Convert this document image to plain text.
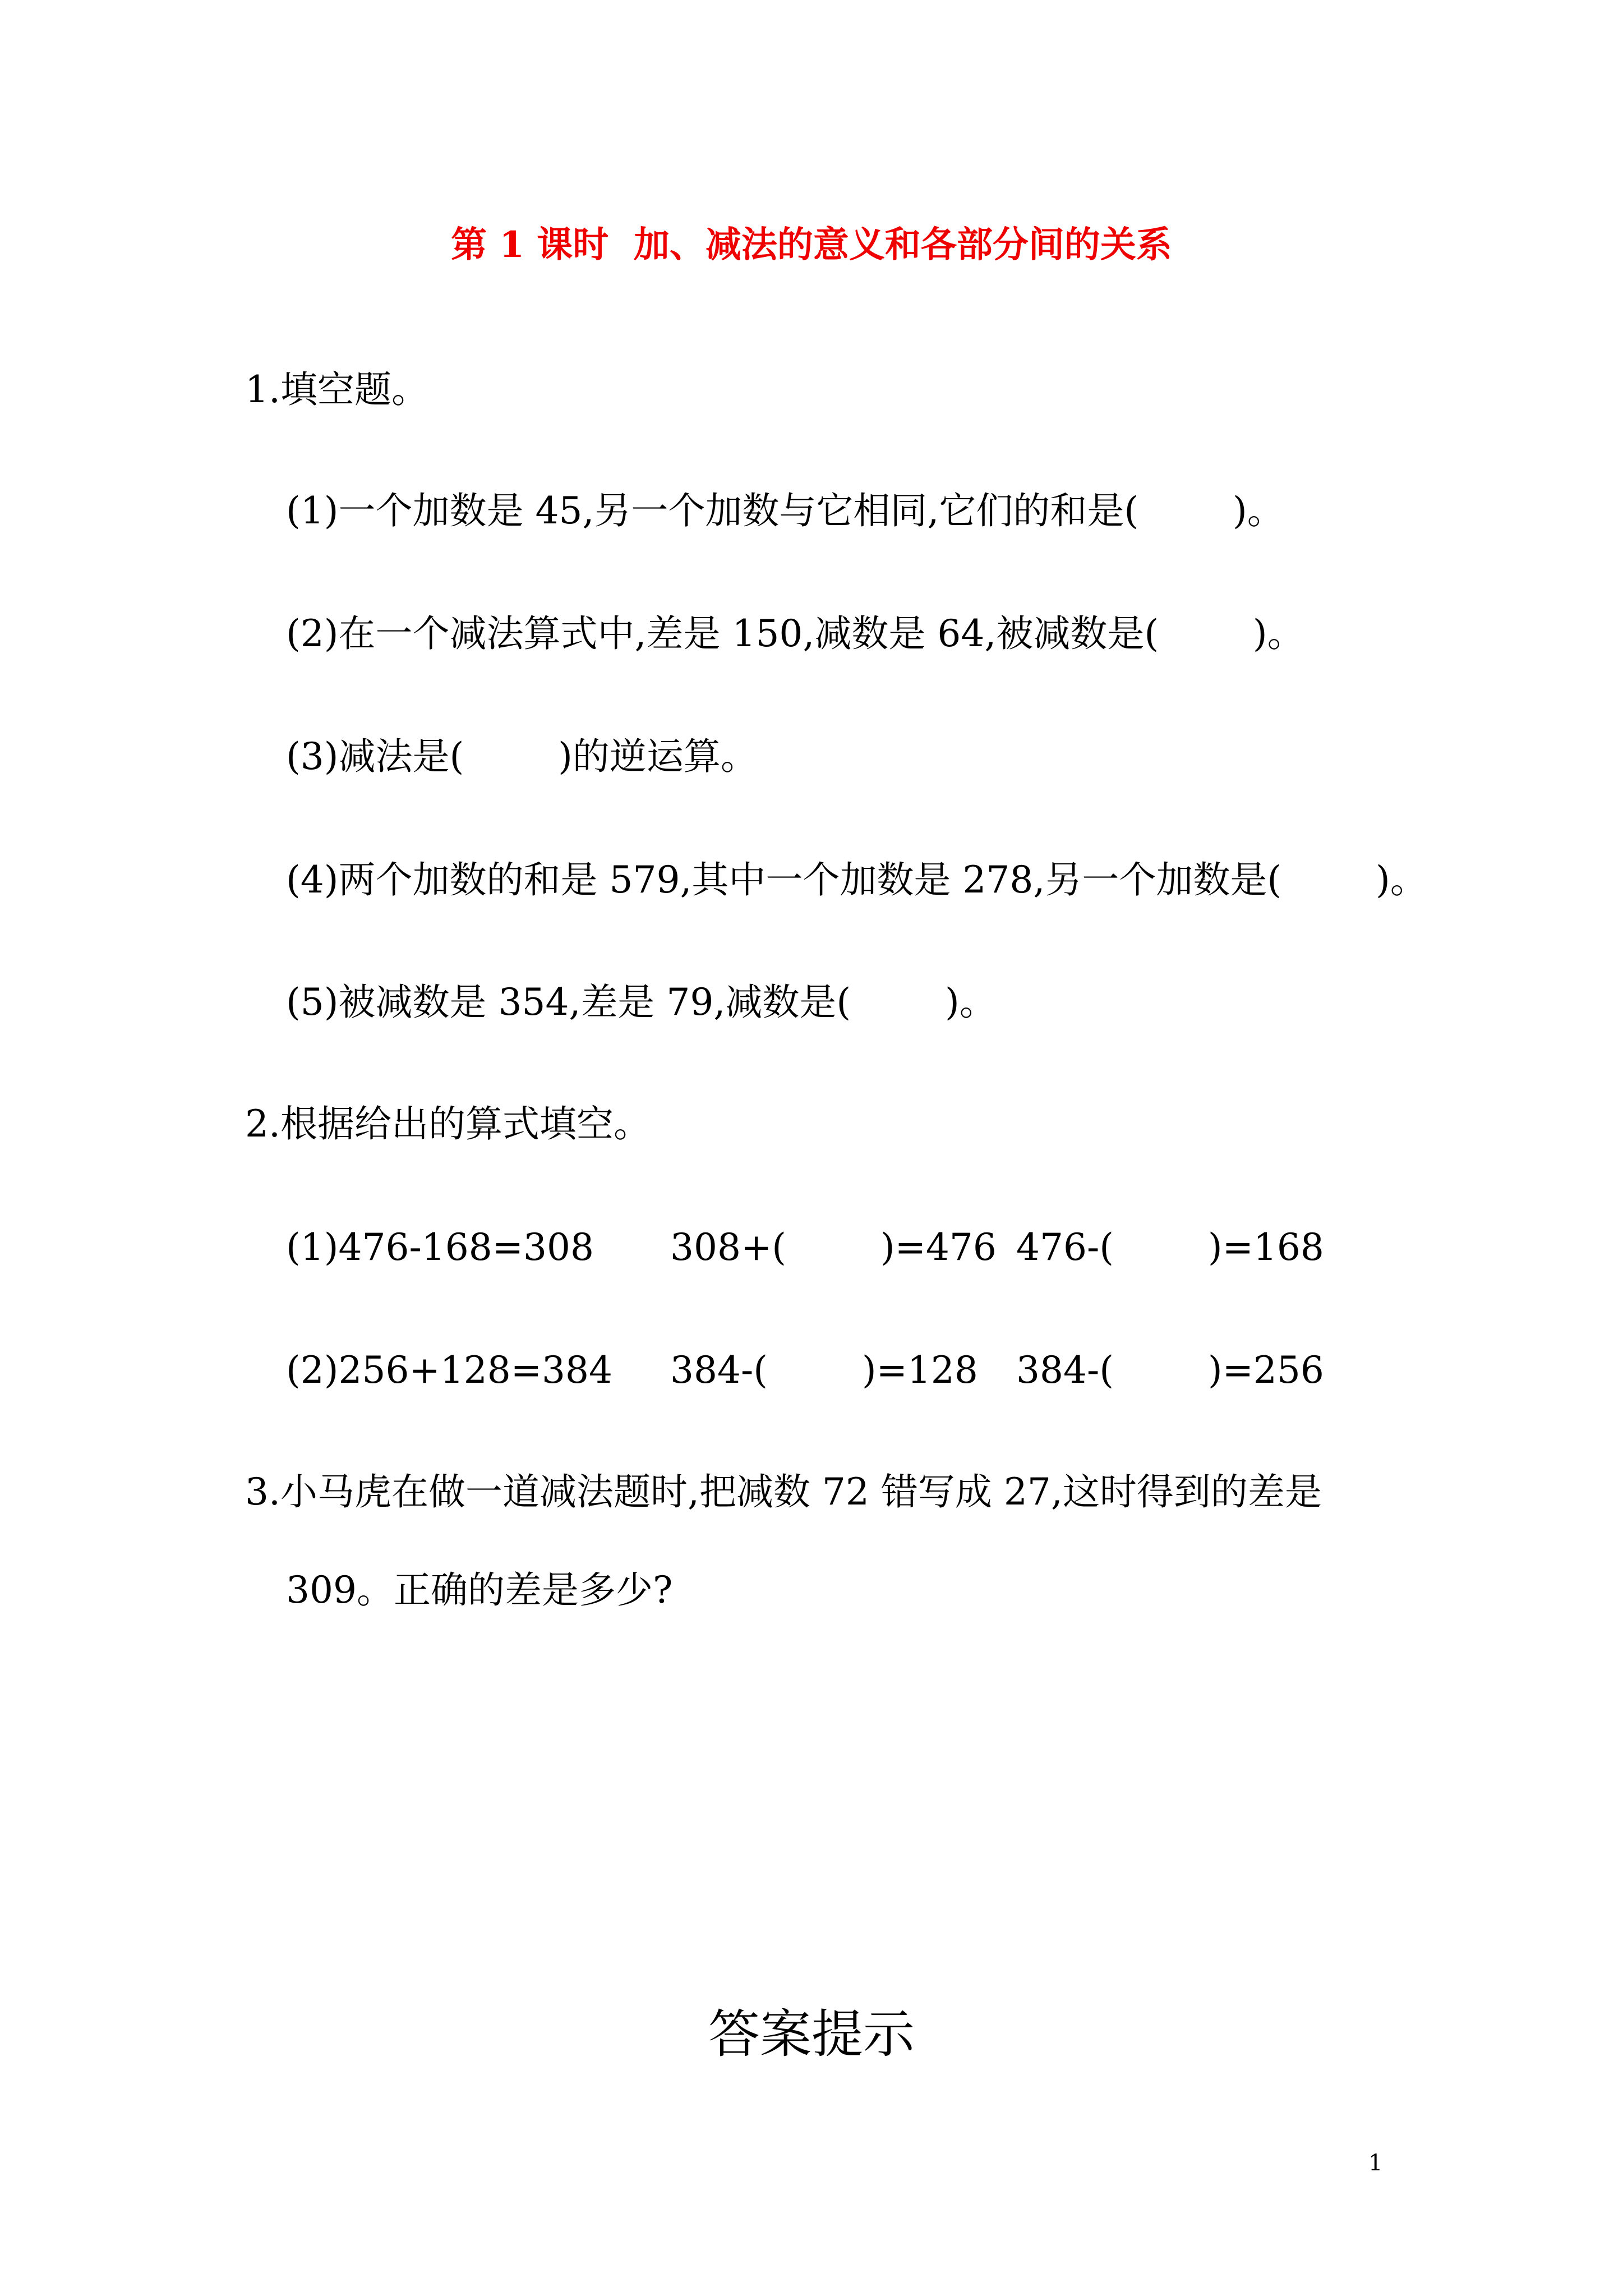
第 1 课时  加、减法的意义和各部分间的关系
1.填空题。
(1)一个加数是 45,另一个加数与它相同,它们的和是(        )。
(2)在一个减法算式中,差是 150,减数是 64,被减数是(        )。
(3)减法是(        )的逆运算。
(4)两个加数的和是 579,其中一个加数是 278,另一个加数是(        )。
(5)被减数是 354,差是 79,减数是(        )。
2.根据给出的算式填空。
(1)476-168=308 308+(        )=476 476-(        )=168
(2)256+128=384 384-(        )=128 384-(        )=256
3.小马虎在做一道减法题时,把减数 72 错写成 27,这时得到的差是
309。正确的差是多少?
答案提示
1
